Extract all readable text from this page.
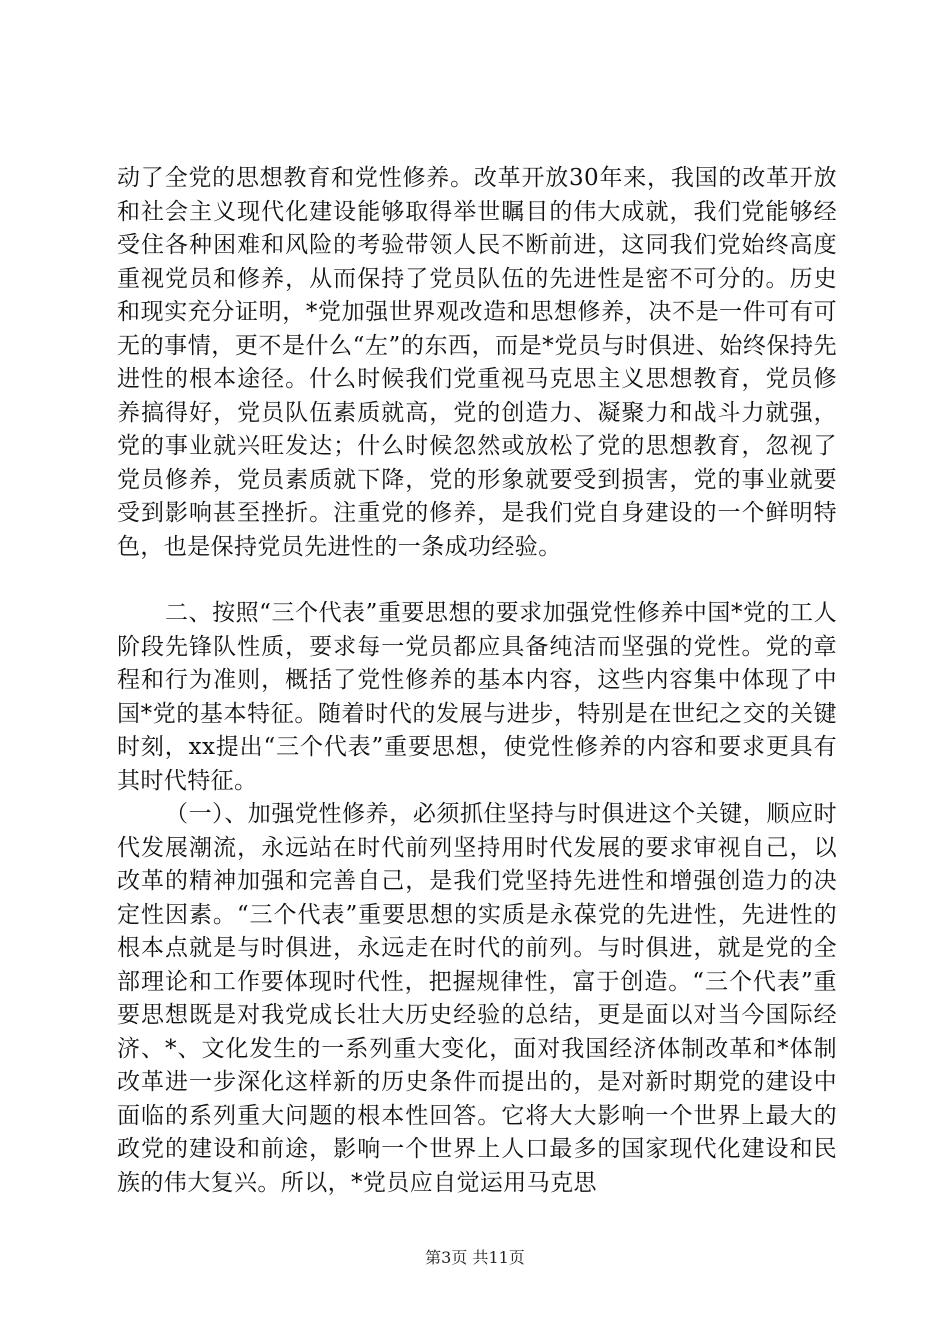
动了全党的思想教育和党性修养。改革开放30年来，我国的改革开放和社会主义现代化建设能够取得举世瞩目的伟大成就，我们党能够经受住各种困难和风险的考验带领人民不断前进，这同我们党始终高度重视党员和修养，从而保持了党员队伍的先进性是密不可分的。历史和现实充分证明，*党加强世界观改造和思想修养，决不是一件可有可无的事情，更不是什么“左”的东西，而是*党员与时俱进、始终保持先进性的根本途径。什么时候我们党重视马克思主义思想教育，党员修养搞得好，党员队伍素质就高，党的创造力、凝聚力和战斗力就强，党的事业就兴旺发达；什么时候忽然或放松了党的思想教育，忽视了党员修养，党员素质就下降，党的形象就要受到损害，党的事业就要受到影响甚至挫折。注重党的修养，是我们党自身建设的一个鲜明特色，也是保持党员先进性的一条成功经验。

二、按照“三个代表”重要思想的要求加强党性修养中国*党的工人阶段先锋队性质，要求每一党员都应具备纯洁而坚强的党性。党的章程和行为准则，概括了党性修养的基本内容，这些内容集中体现了中国*党的基本特征。随着时代的发展与进步，特别是在世纪之交的关键时刻，xx提出“三个代表”重要思想，使党性修养的内容和要求更具有其时代特征。

（一）、加强党性修养，必须抓住坚持与时俱进这个关键，顺应时代发展潮流，永远站在时代前列坚持用时代发展的要求审视自己，以改革的精神加强和完善自己，是我们党坚持先进性和增强创造力的决定性因素。“三个代表”重要思想的实质是永葆党的先进性，先进性的根本点就是与时俱进，永远走在时代的前列。与时俱进，就是党的全部理论和工作要体现时代性，把握规律性，富于创造。“三个代表”重要思想既是对我党成长壮大历史经验的总结，更是面以对当今国际经济、*、文化发生的一系列重大变化，面对我国经济体制改革和*体制改革进一步深化这样新的历史条件而提出的，是对新时期党的建设中面临的系列重大问题的根本性回答。它将大大影响一个世界上最大的政党的建设和前途，影响一个世界上人口最多的国家现代化建设和民族的伟大复兴。所以，*党员应自觉运用马克思

第3页 共11页
